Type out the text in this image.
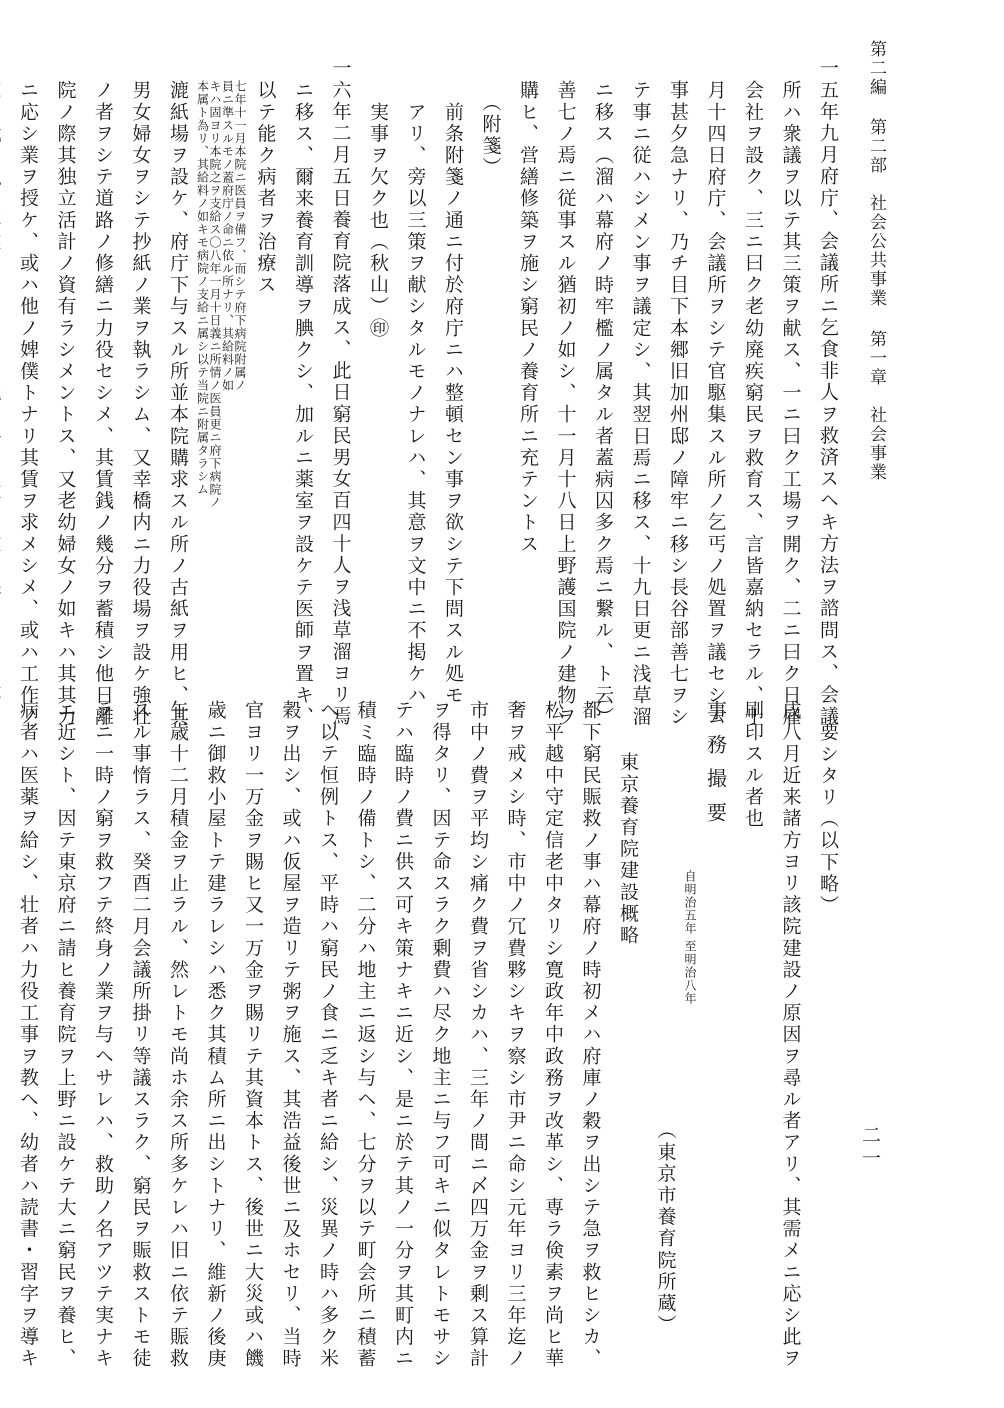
第二編 第二部　社会公共事業 第一章　社会事業
二一
一五年九月府庁、会議所ニ乞食非人ヲ救済スヘキ方法ヲ諮問ス、会議
所ハ衆議ヲ以テ其三策ヲ献ス、一ニ曰ク工場ヲ開ク、二ニ曰ク日雇
会社ヲ設ク、三ニ曰ク老幼廃疾窮民ヲ救育ス、言皆嘉納セラル、十
月十四日府庁、会議所ヲシテ官駆集スル所ノ乞丐ノ処置ヲ議セシム
事甚夕急ナリ、乃チ目下本郷旧加州邸ノ障牢ニ移シ長谷部善七ヲシ
テ事ニ従ハシメン事ヲ議定シ、其翌日焉ニ移ス、十九日更ニ浅草溜
ニ移ス（溜ハ幕府ノ時牢檻ノ属タル者蓋病囚多ク焉ニ繋ル、ト云）
善七ノ焉ニ従事スル猶初ノ如シ、十一月十八日上野護国院ノ建物ヲ
購ヒ、営繕修築ヲ施シ窮民ノ養育所ニ充テントス
　（附箋）
　前条附箋ノ通ニ付於府庁ニハ整頓セン事ヲ欲シテ下問スル処モ
　アリ、旁以三策ヲ献シタルモノナレハ、其意ヲ文中ニ不掲ケハ
　実事ヲ欠ク也（秋山）㊞
一六年二月五日養育院落成ス、此日窮民男女百四十人ヲ浅草溜ヨリ焉
ニ移ス、爾来養育訓導ヲ腆クシ、加ルニ薬室ヲ設ケテ医師ヲ置キ、
以テ能ク病者ヲ治療ス
七年十一月本院ニ医員ヲ備フ、而シテ府下病院附属ノ
員ニ準スルモノ蓋府庁ノ命ニ依ル所ナリ、其給料ノ如
キハ固ヨリ本院之ヲ支給ス〇八年一月十日義ニ所情ノ医員更ニ府下病院ノ
本属ト為リ、其給料ノ如キモ病院ノ支給ニ属シ以テ当院ニ附属タラシム
漉紙場ヲ設ケ、府庁下与スル所並本院購求スル所ノ古紙ヲ用ヒ、其
男女婦女ヲシテ抄紙ノ業ヲ執ラシム、又幸橋内ニ力役場ヲ設ケ強壮
ノ者ヲシテ道路ノ修繕ニ力役セシメ、其賃銭ノ幾分ヲ蓄積シ他日離
院ノ際其独立活計ノ資有ラシメントス、又老幼婦女ノ如キハ其其力
ニ応シ業ヲ授ケ、或ハ他ノ婢僕トナリ其賃ヲ求メシメ、或ハ工作ノ
要シタリ（以下略）
戌八月近来諸方ヨリ該院建設ノ原因ヲ尋ル者アリ、其需メニ応シ此ヲ
刷印スル者也
事務撮要
自明治五年 至明治八年
（東京市養育院所蔵）
東京養育院建設概略
都下窮民賑救ノ事ハ幕府ノ時初メハ府庫ノ穀ヲ出シテ急ヲ救ヒシカ、
松平越中守定信老中タリシ寛政年中政務ヲ改革シ、専ラ倹素ヲ尚ヒ華
奢ヲ戒メシ時、市中ノ冗費夥シキヲ察シ市尹ニ命シ元年ヨリ三年迄ノ
市中ノ費ヲ平均シ痛ク費ヲ省シカハ、三年ノ間ニ〆四万金ヲ剰ス算計
ヲ得タリ、因テ命スラク剰費ハ尽ク地主ニ与フ可キニ似タレトモサシ
テハ臨時ノ費ニ供ス可キ策ナキニ近シ、是ニ於テ其ノ一分ヲ其町内ニ
積ミ臨時ノ備トシ、二分ハ地主ニ返シ与ヘ、七分ヲ以テ町会所ニ積蓄
ヘ以テ恒例トス、平時ハ窮民ノ食ニ乏キ者ニ給シ、災異ノ時ハ多ク米
穀ヲ出シ、或ハ仮屋ヲ造リテ粥ヲ施ス、其浩益後世ニ及ホセリ、当時
官ヨリ一万金ヲ賜ヒ又一万金ヲ賜リテ其資本トス、後世ニ大災或ハ饑
歳ニ御救小屋トテ建ラレシハ悉ク其積ム所ニ出シトナリ、維新ノ後庚
午歳十二月積金ヲ止ラル、然レトモ尚ホ余ス所多ケレハ旧ニ依テ賑救
スル事惰ラス、癸酉二月会議所掛リ等議スラク、窮民ヲ賑救ストモ徒
ラニ一時ノ窮ヲ救フテ終身ノ業ヲ与ヘサレハ、救助ノ名アツテ実ナキ
ニ近シト、因テ東京府ニ請ヒ養育院ヲ上野ニ設ケテ大ニ窮民ヲ養ヒ、
病者ハ医薬ヲ給シ、壮者ハ力役工事ヲ教ヘ、幼者ハ読書・習字ヲ導キ
